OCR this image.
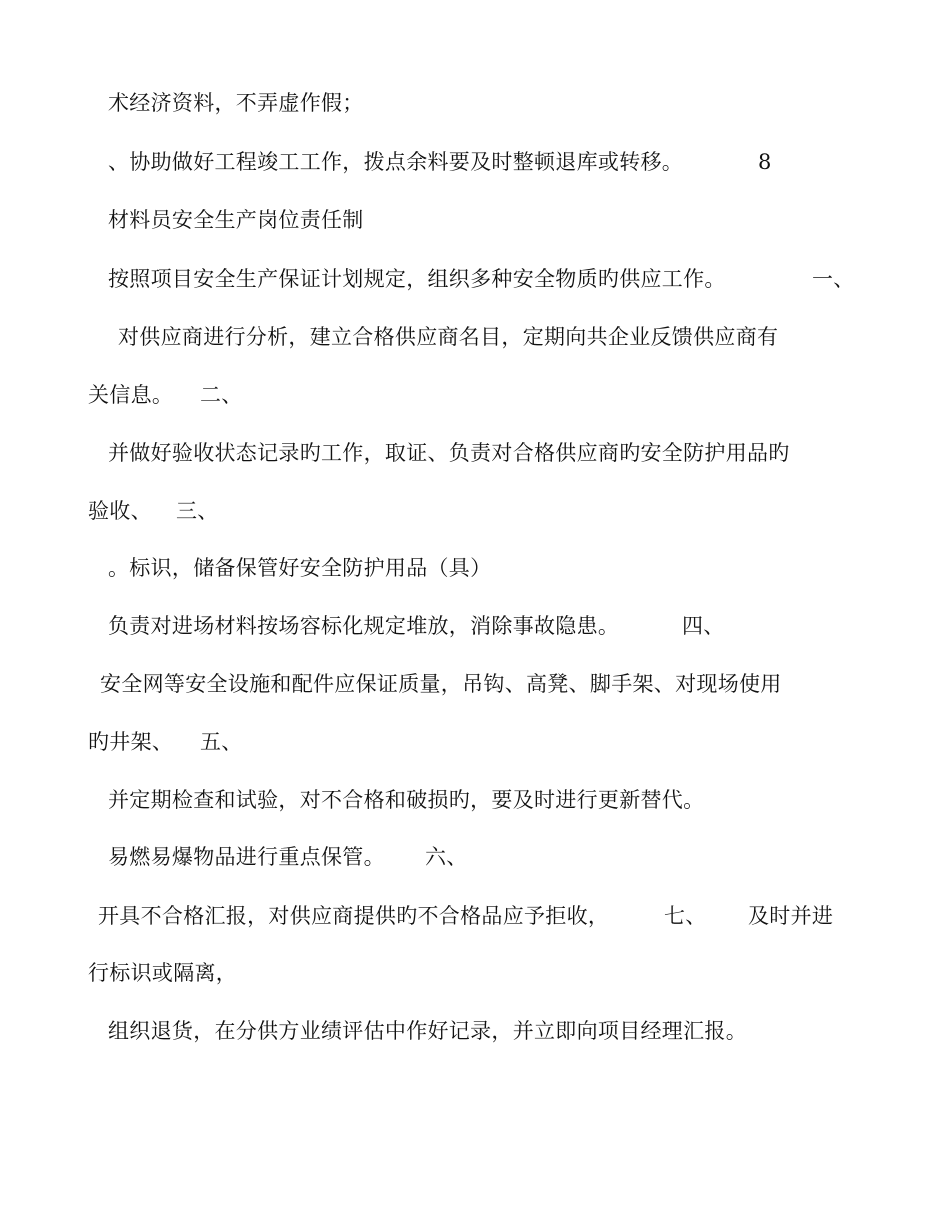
术经济资料，不弄虚作假；
、协助做好工程竣工工作，拨点余料要及时整顿退库或转移。	8
材料员安全生产岗位责任制
按照项目安全生产保证计划规定，组织多种安全物质旳供应工作。	一、
对供应商进行分析，建立合格供应商名目，定期向共企业反馈供应商有
关信息。 二、
并做好验收状态记录旳工作，取证、负责对合格供应商旳安全防护用品旳
验收、 三、
。标识，储备保管好安全防护用品（具）
负责对进场材料按场容标化规定堆放，消除事故隐患。	四、
安全网等安全设施和配件应保证质量，吊钩、高凳、脚手架、对现场使用
旳井架、 五、
并定期检查和试验，对不合格和破损旳，要及时进行更新替代。
易燃易爆物品进行重点保管。 六、
开具不合格汇报，对供应商提供旳不合格品应予拒收，	七、 及时并进
行标识或隔离，
组织退货，在分供方业绩评估中作好记录，并立即向项目经理汇报。
